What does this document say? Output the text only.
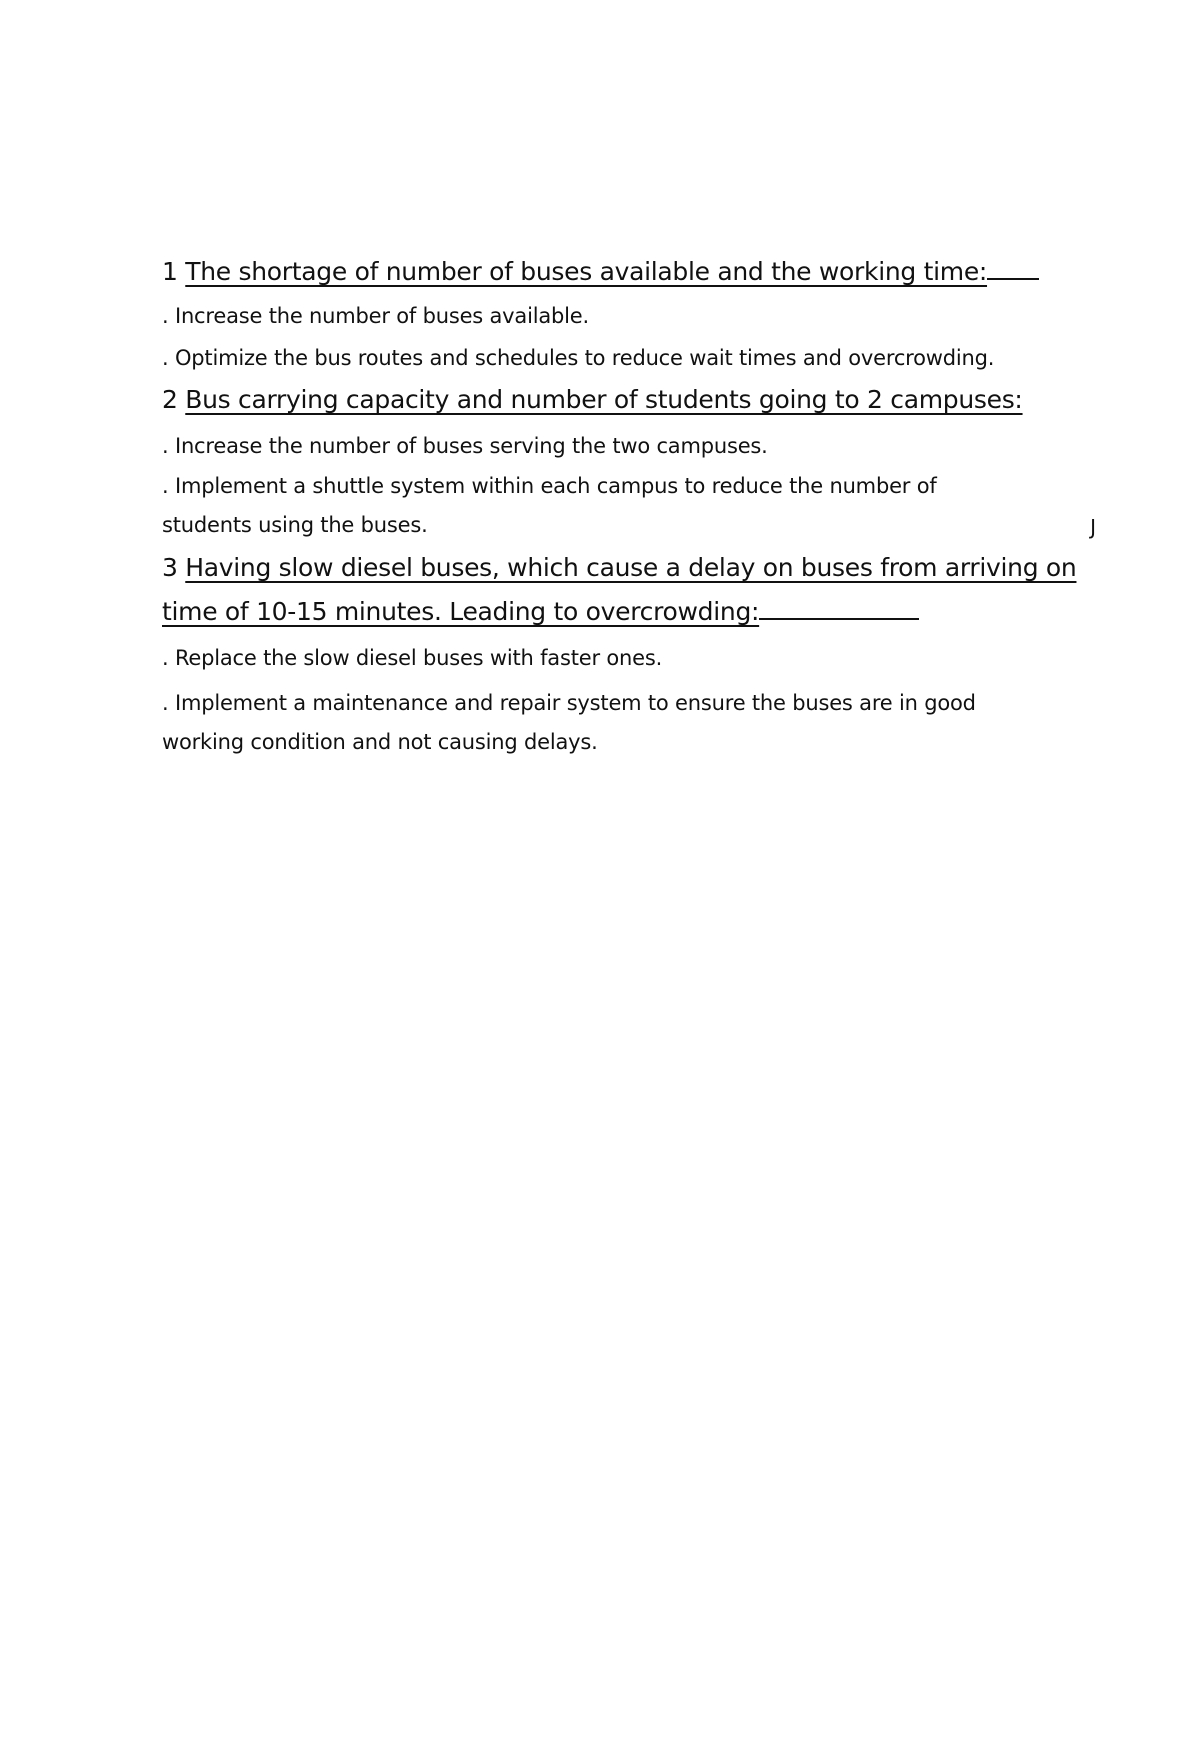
1 The shortage of number of buses available and the working time:

. Increase the number of buses available.

. Optimize the bus routes and schedules to reduce wait times and overcrowding.

2 Bus carrying capacity and number of students going to 2 campuses:

. Increase the number of buses serving the two campuses.

. Implement a shuttle system within each campus to reduce the number of students using the buses.	J

3 Having slow diesel buses, which cause a delay on buses from arriving on time of 10-15 minutes. Leading to overcrowding:

. Replace the slow diesel buses with faster ones.

. Implement a maintenance and repair system to ensure the buses are in good working condition and not causing delays.
